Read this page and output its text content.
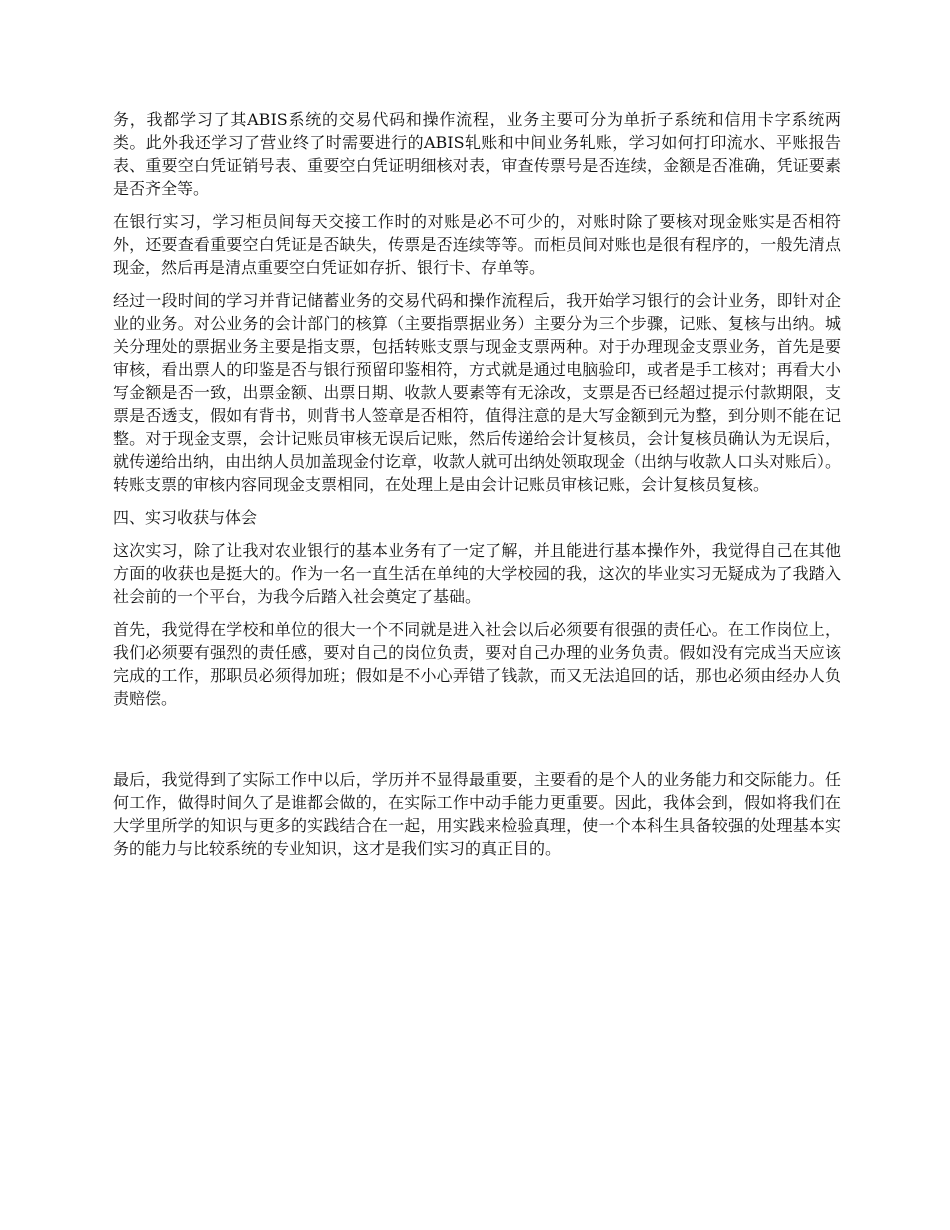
务，我都学习了其ABIS系统的交易代码和操作流程，业务主要可分为单折子系统和信用卡字系统两类。此外我还学习了营业终了时需要进行的ABIS轧账和中间业务轧账，学习如何打印流水、平账报告表、重要空白凭证销号表、重要空白凭证明细核对表，审查传票号是否连续，金额是否准确，凭证要素是否齐全等。

在银行实习，学习柜员间每天交接工作时的对账是必不可少的，对账时除了要核对现金账实是否相符外，还要查看重要空白凭证是否缺失，传票是否连续等等。而柜员间对账也是很有程序的，一般先清点现金，然后再是清点重要空白凭证如存折、银行卡、存单等。

经过一段时间的学习并背记储蓄业务的交易代码和操作流程后，我开始学习银行的会计业务，即针对企业的业务。对公业务的会计部门的核算（主要指票据业务）主要分为三个步骤，记账、复核与出纳。城关分理处的票据业务主要是指支票，包括转账支票与现金支票两种。对于办理现金支票业务，首先是要审核，看出票人的印鉴是否与银行预留印鉴相符，方式就是通过电脑验印，或者是手工核对；再看大小写金额是否一致，出票金额、出票日期、收款人要素等有无涂改，支票是否已经超过提示付款期限，支票是否透支，假如有背书，则背书人签章是否相符，值得注意的是大写金额到元为整，到分则不能在记整。对于现金支票，会计记账员审核无误后记账，然后传递给会计复核员，会计复核员确认为无误后，就传递给出纳，由出纳人员加盖现金付讫章，收款人就可出纳处领取现金（出纳与收款人口头对账后）。转账支票的审核内容同现金支票相同，在处理上是由会计记账员审核记账，会计复核员复核。

四、实习收获与体会

这次实习，除了让我对农业银行的基本业务有了一定了解，并且能进行基本操作外，我觉得自己在其他方面的收获也是挺大的。作为一名一直生活在单纯的大学校园的我，这次的毕业实习无疑成为了我踏入社会前的一个平台，为我今后踏入社会奠定了基础。

首先，我觉得在学校和单位的很大一个不同就是进入社会以后必须要有很强的责任心。在工作岗位上，我们必须要有强烈的责任感，要对自己的岗位负责，要对自己办理的业务负责。假如没有完成当天应该完成的工作，那职员必须得加班；假如是不小心弄错了钱款，而又无法追回的话，那也必须由经办人负责赔偿。

最后，我觉得到了实际工作中以后，学历并不显得最重要，主要看的是个人的业务能力和交际能力。任何工作，做得时间久了是谁都会做的，在实际工作中动手能力更重要。因此，我体会到，假如将我们在大学里所学的知识与更多的实践结合在一起，用实践来检验真理，使一个本科生具备较强的处理基本实务的能力与比较系统的专业知识，这才是我们实习的真正目的。
